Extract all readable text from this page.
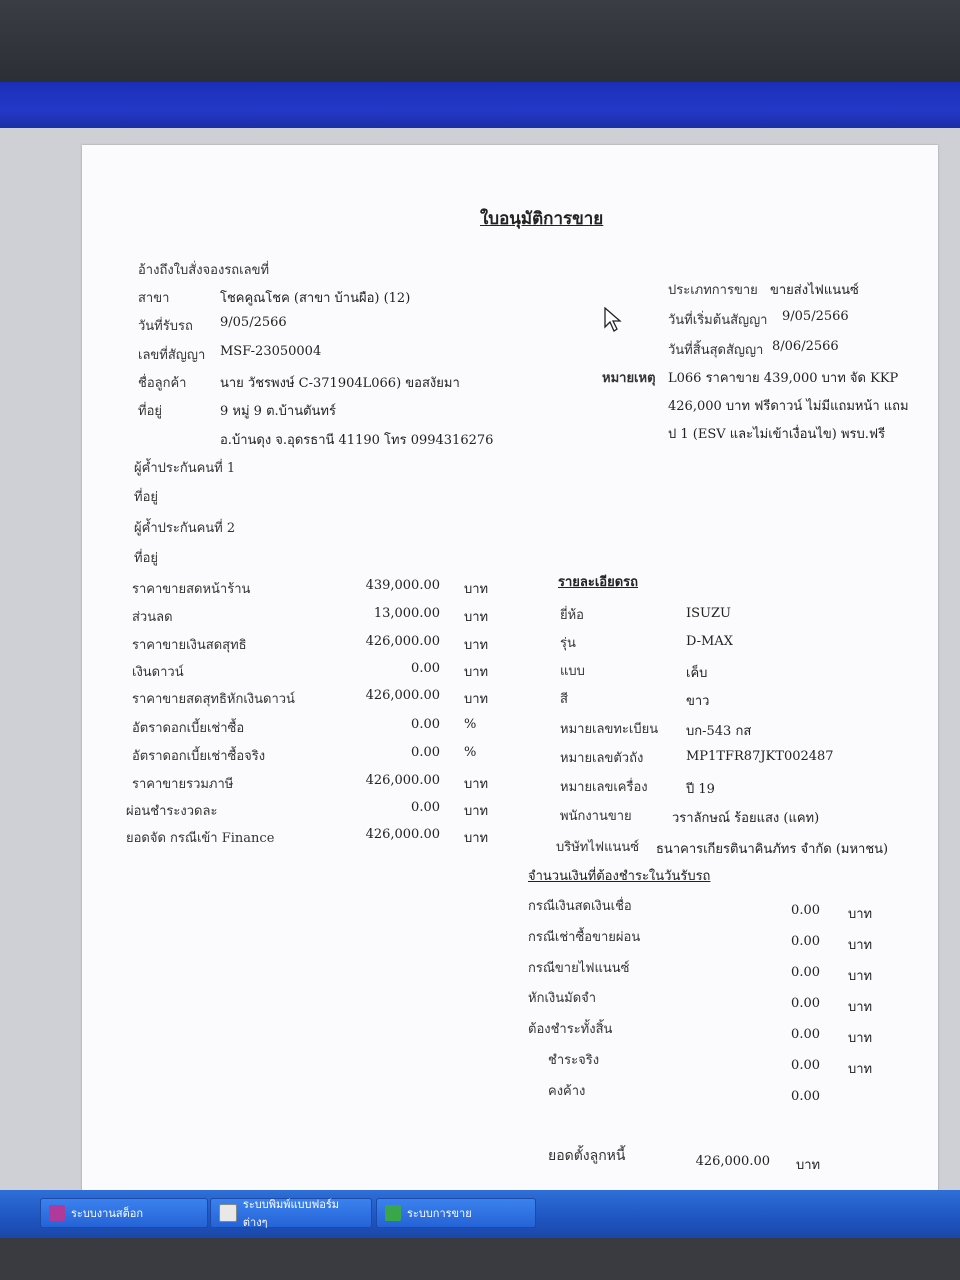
ใบอนุมัติการขาย
อ้างถึงใบสั่งจองรถเลขที่
สาขา	โชคคูณโชค (สาขา บ้านผือ) (12)
วันที่รับรถ 9/05/2566
เลขที่สัญญา MSF-23050004
ชื่อลูกค้า	นาย วัชรพงษ์ C-371904L066) ขอสงัยมา
ที่อยู่	9 หมู่ 9 ต.บ้านตันทร์
อ.บ้านดุง จ.อุดรธานี 41190 โทร 0994316276
ผู้ค้ำประกันคนที่ 1
ที่อยู่
ผู้ค้ำประกันคนที่ 2
ที่อยู่
ประเภทการขาย ขายส่งไฟแนนซ์
วันที่เริ่มต้นสัญญา 9/05/2566
วันที่สิ้นสุดสัญญา 8/06/2566
หมายเหตุ L066 ราคาขาย 439,000 บาท จัด KKP
426,000 บาท ฟรีดาวน์ ไม่มีแถมหน้า แถม
ป 1 (ESV และไม่เข้าเงื่อนไข) พรบ.ฟรี
ราคาขายสดหน้าร้าน	439,000.00 บาท
ส่วนลด	13,000.00 บาท
ราคาขายเงินสดสุทธิ	426,000.00 บาท
เงินดาวน์	0.00 บาท
ราคาขายสดสุทธิหักเงินดาวน์	426,000.00 บาท
อัตราดอกเบี้ยเช่าซื้อ	0.00 %
อัตราดอกเบี้ยเช่าซื้อจริง	0.00 %
ราคาขายรวมภาษี	426,000.00 บาท
ผ่อนชำระงวดละ	0.00 บาท
ยอดจัด กรณีเข้า Finance	426,000.00 บาท
รายละเอียดรถ
ยี่ห้อ	ISUZU
รุ่น	D-MAX
แบบ	เค็บ
สี	ขาว
หมายเลขทะเบียน บก-543 กส
หมายเลขตัวถัง	MP1TFR87JKT002487
หมายเลขเครื่อง	ปี 19
พนักงานขาย	วราลักษณ์ ร้อยแสง (แคท)
บริษัทไฟแนนซ์ ธนาคารเกียรตินาคินภัทร จำกัด (มหาชน)
จำนวนเงินที่ต้องชำระในวันรับรถ
กรณีเงินสดเงินเชื่อ	0.00 บาท
กรณีเช่าซื้อขายผ่อน	0.00 บาท
กรณีขายไฟแนนซ์	0.00 บาท
หักเงินมัดจำ	0.00 บาท
ต้องชำระทั้งสิ้น	0.00 บาท
ชำระจริง	0.00 บาท
คงค้าง	0.00
ยอดตั้งลูกหนี้	426,000.00 บาท
ระบบงานสต็อก
ระบบพิมพ์แบบฟอร์มต่างๆ
ระบบการขาย
